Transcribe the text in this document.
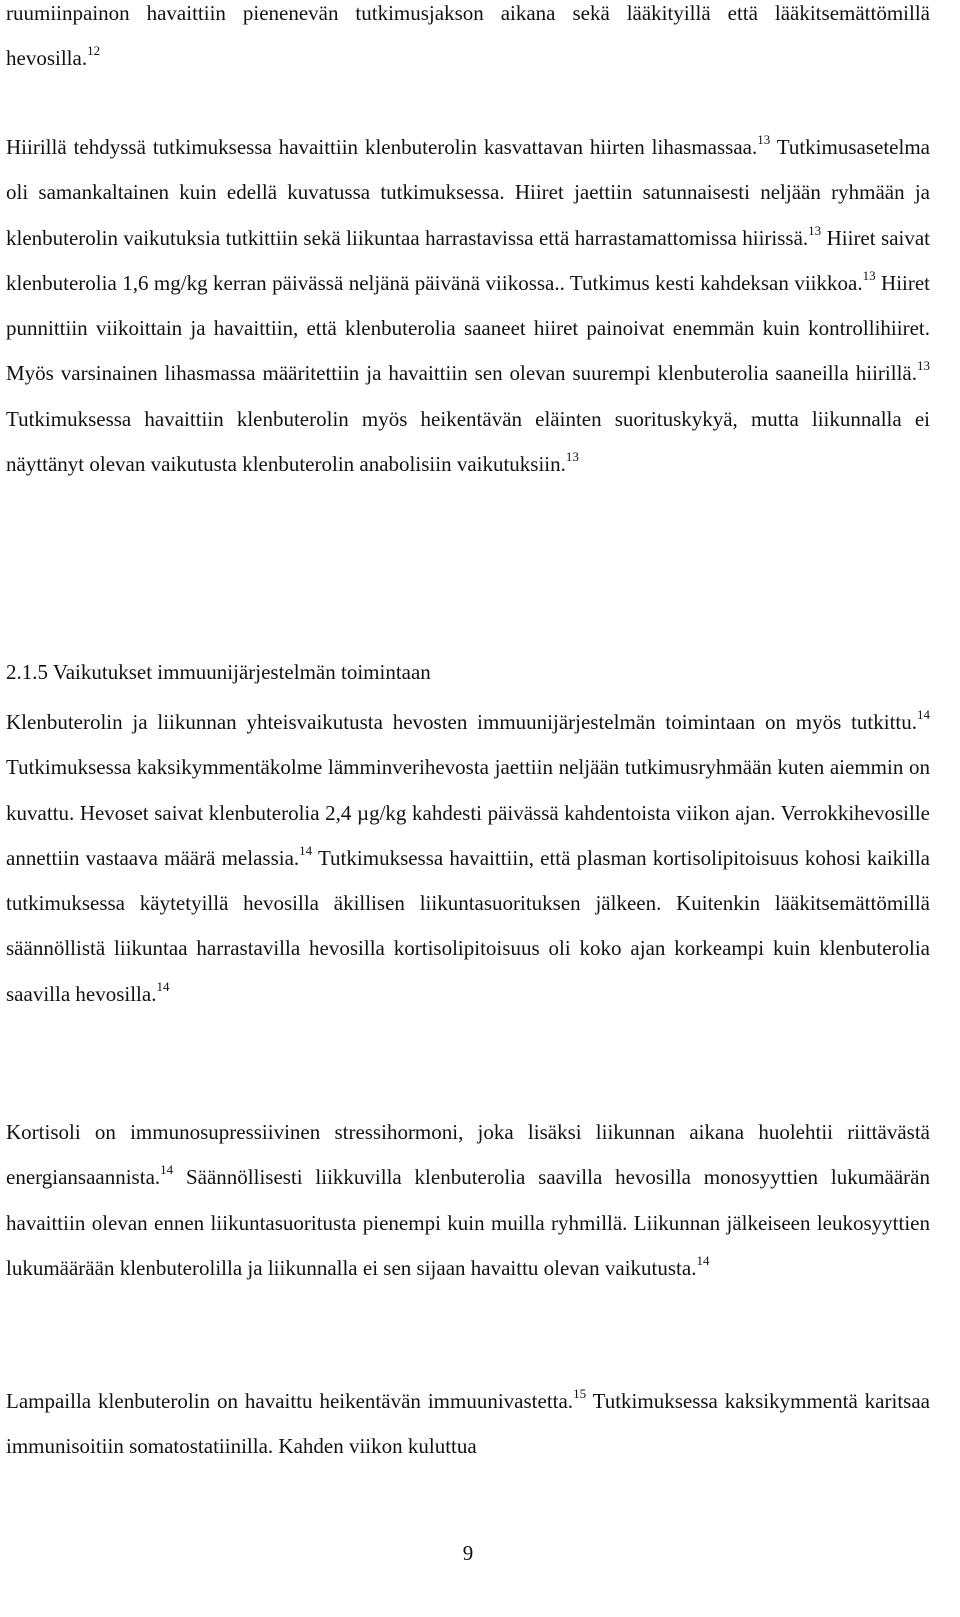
ruumiinpainon havaittiin pienenevän tutkimusjakson aikana sekä lääkityillä että lääkitsemättömillä hevosilla.$^{12}$

Hiirillä tehdyssä tutkimuksessa havaittiin klenbuterolin kasvattavan hiirten lihasmassaa.$^{13}$ Tutkimusasetelma oli samankaltainen kuin edellä kuvatussa tutkimuksessa. Hiiret jaettiin satunnaisesti neljään ryhmään ja klenbuterolin vaikutuksia tutkittiin sekä liikuntaa harrastavissa että harrastamattomissa hiirissä.$^{13}$ Hiiret saivat klenbuterolia 1,6 mg/kg kerran päivässä neljänä päivänä viikossa.. Tutkimus kesti kahdeksan viikkoa.$^{13}$ Hiiret punnittiin viikoittain ja havaittiin, että klenbuterolia saaneet hiiret painoivat enemmän kuin kontrollihiiret. Myös varsinainen lihasmassa määritettiin ja havaittiin sen olevan suurempi klenbuterolia saaneilla hiirillä.$^{13}$ Tutkimuksessa havaittiin klenbuterolin myös heikentävän eläinten suorituskykyä, mutta liikunnalla ei näyttänyt olevan vaikutusta klenbuterolin anabolisiin vaikutuksiin.$^{13}$

2.1.5 Vaikutukset immuunijärjestelmän toimintaan

Klenbuterolin ja liikunnan yhteisvaikutusta hevosten immuunijärjestelmän toimintaan on myös tutkittu.$^{14}$ Tutkimuksessa kaksikymmentäkolme lämminverihevosta jaettiin neljään tutkimusryhmään kuten aiemmin on kuvattu. Hevoset saivat klenbuterolia 2,4 µg/kg kahdesti päivässä kahdentoista viikon ajan. Verrokkihevosille annettiin vastaava määrä melassia.$^{14}$ Tutkimuksessa havaittiin, että plasman kortisolipitoisuus kohosi kaikilla tutkimuksessa käytetyillä hevosilla äkillisen liikuntasuorituksen jälkeen. Kuitenkin lääkitsemättömillä säännöllistä liikuntaa harrastavilla hevosilla kortisolipitoisuus oli koko ajan korkeampi kuin klenbuterolia saavilla hevosilla.$^{14}$

Kortisoli on immunosupressiivinen stressihormoni, joka lisäksi liikunnan aikana huolehtii riittävästä energiansaannista.$^{14}$ Säännöllisesti liikkuvilla klenbuterolia saavilla hevosilla monosyyttien lukumäärän havaittiin olevan ennen liikuntasuoritusta pienempi kuin muilla ryhmillä. Liikunnan jälkeiseen leukosyyttien lukumäärään klenbuterolilla ja liikunnalla ei sen sijaan havaittu olevan vaikutusta.$^{14}$

Lampailla klenbuterolin on havaittu heikentävän immuunivastetta.$^{15}$ Tutkimuksessa kaksikymmentä karitsaa immunisoitiin somatostatiinilla. Kahden viikon kuluttua

9
